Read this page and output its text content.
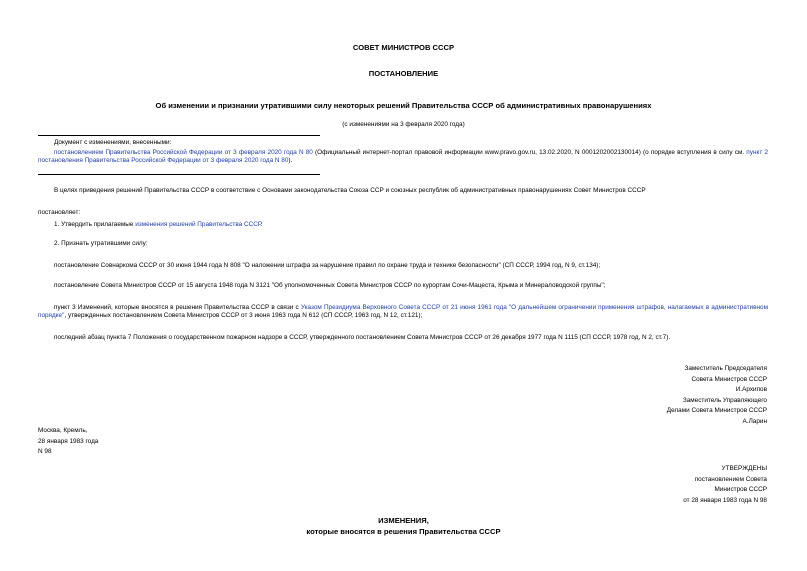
СОВЕТ МИНИСТРОВ СССР
ПОСТАНОВЛЕНИЕ
Об изменении и признании утратившими силу некоторых решений Правительства СССР об административных правонарушениях
(с изменениями на 3 февраля 2020 года)
Документ с изменениями, внесенными:
постановлением Правительства Российской Федерации от 3 февраля 2020 года N 80 (Официальный интернет-портал правовой информации www.pravo.gov.ru, 13.02.2020, N 0001202002130014) (о порядке вступления в силу см. пункт 2 постановления Правительства Российской Федерации от 3 февраля 2020 года N 80).
В целях приведения решений Правительства СССР в соответствие с Основами законодательства Союза ССР и союзных республик об административных правонарушениях Совет Министров СССР
постановляет:
1. Утвердить прилагаемые изменения решений Правительства СССР.
2. Признать утратившими силу:
постановление Совнаркома СССР от 30 июня 1944 года N 808 "О наложении штрафа за нарушение правил по охране труда и технике безопасности" (СП СССР, 1994 год, N 9, ст.134);
постановление Совета Министров СССР от 15 августа 1948 года N 3121 "Об уполномоченных Совета Министров СССР по курортам Сочи-Мацеста, Крыма и Минераловодской группы";
пункт 3 Изменений, которые вносятся в решения Правительства СССР в связи с Указом Президиума Верховного Совета СССР от 21 июня 1961 года "О дальнейшем ограничении применения штрафов, налагаемых в административном порядке", утвержденных постановлением Совета Министров СССР от 3 июня 1963 года N 612 (СП СССР, 1963 год, N 12, ст.121);
последний абзац пункта 7 Положения о государственном пожарном надзоре в СССР, утвержденного постановлением Совета Министров СССР от 26 декабря 1977 года N 1115 (СП СССР, 1978 год, N 2, ст.7).
Заместитель Председателя
Совета Министров СССР
И.Архипов
Заместитель Управляющего
Делами Совета Министров СССР
А.Ларин
Москва, Кремль,
28 января 1983 года
N 98
УТВЕРЖДЕНЫ
постановлением Совета
Министров СССР
от 28 января 1983 года N 98
ИЗМЕНЕНИЯ,
которые вносятся в решения Правительства СССР
